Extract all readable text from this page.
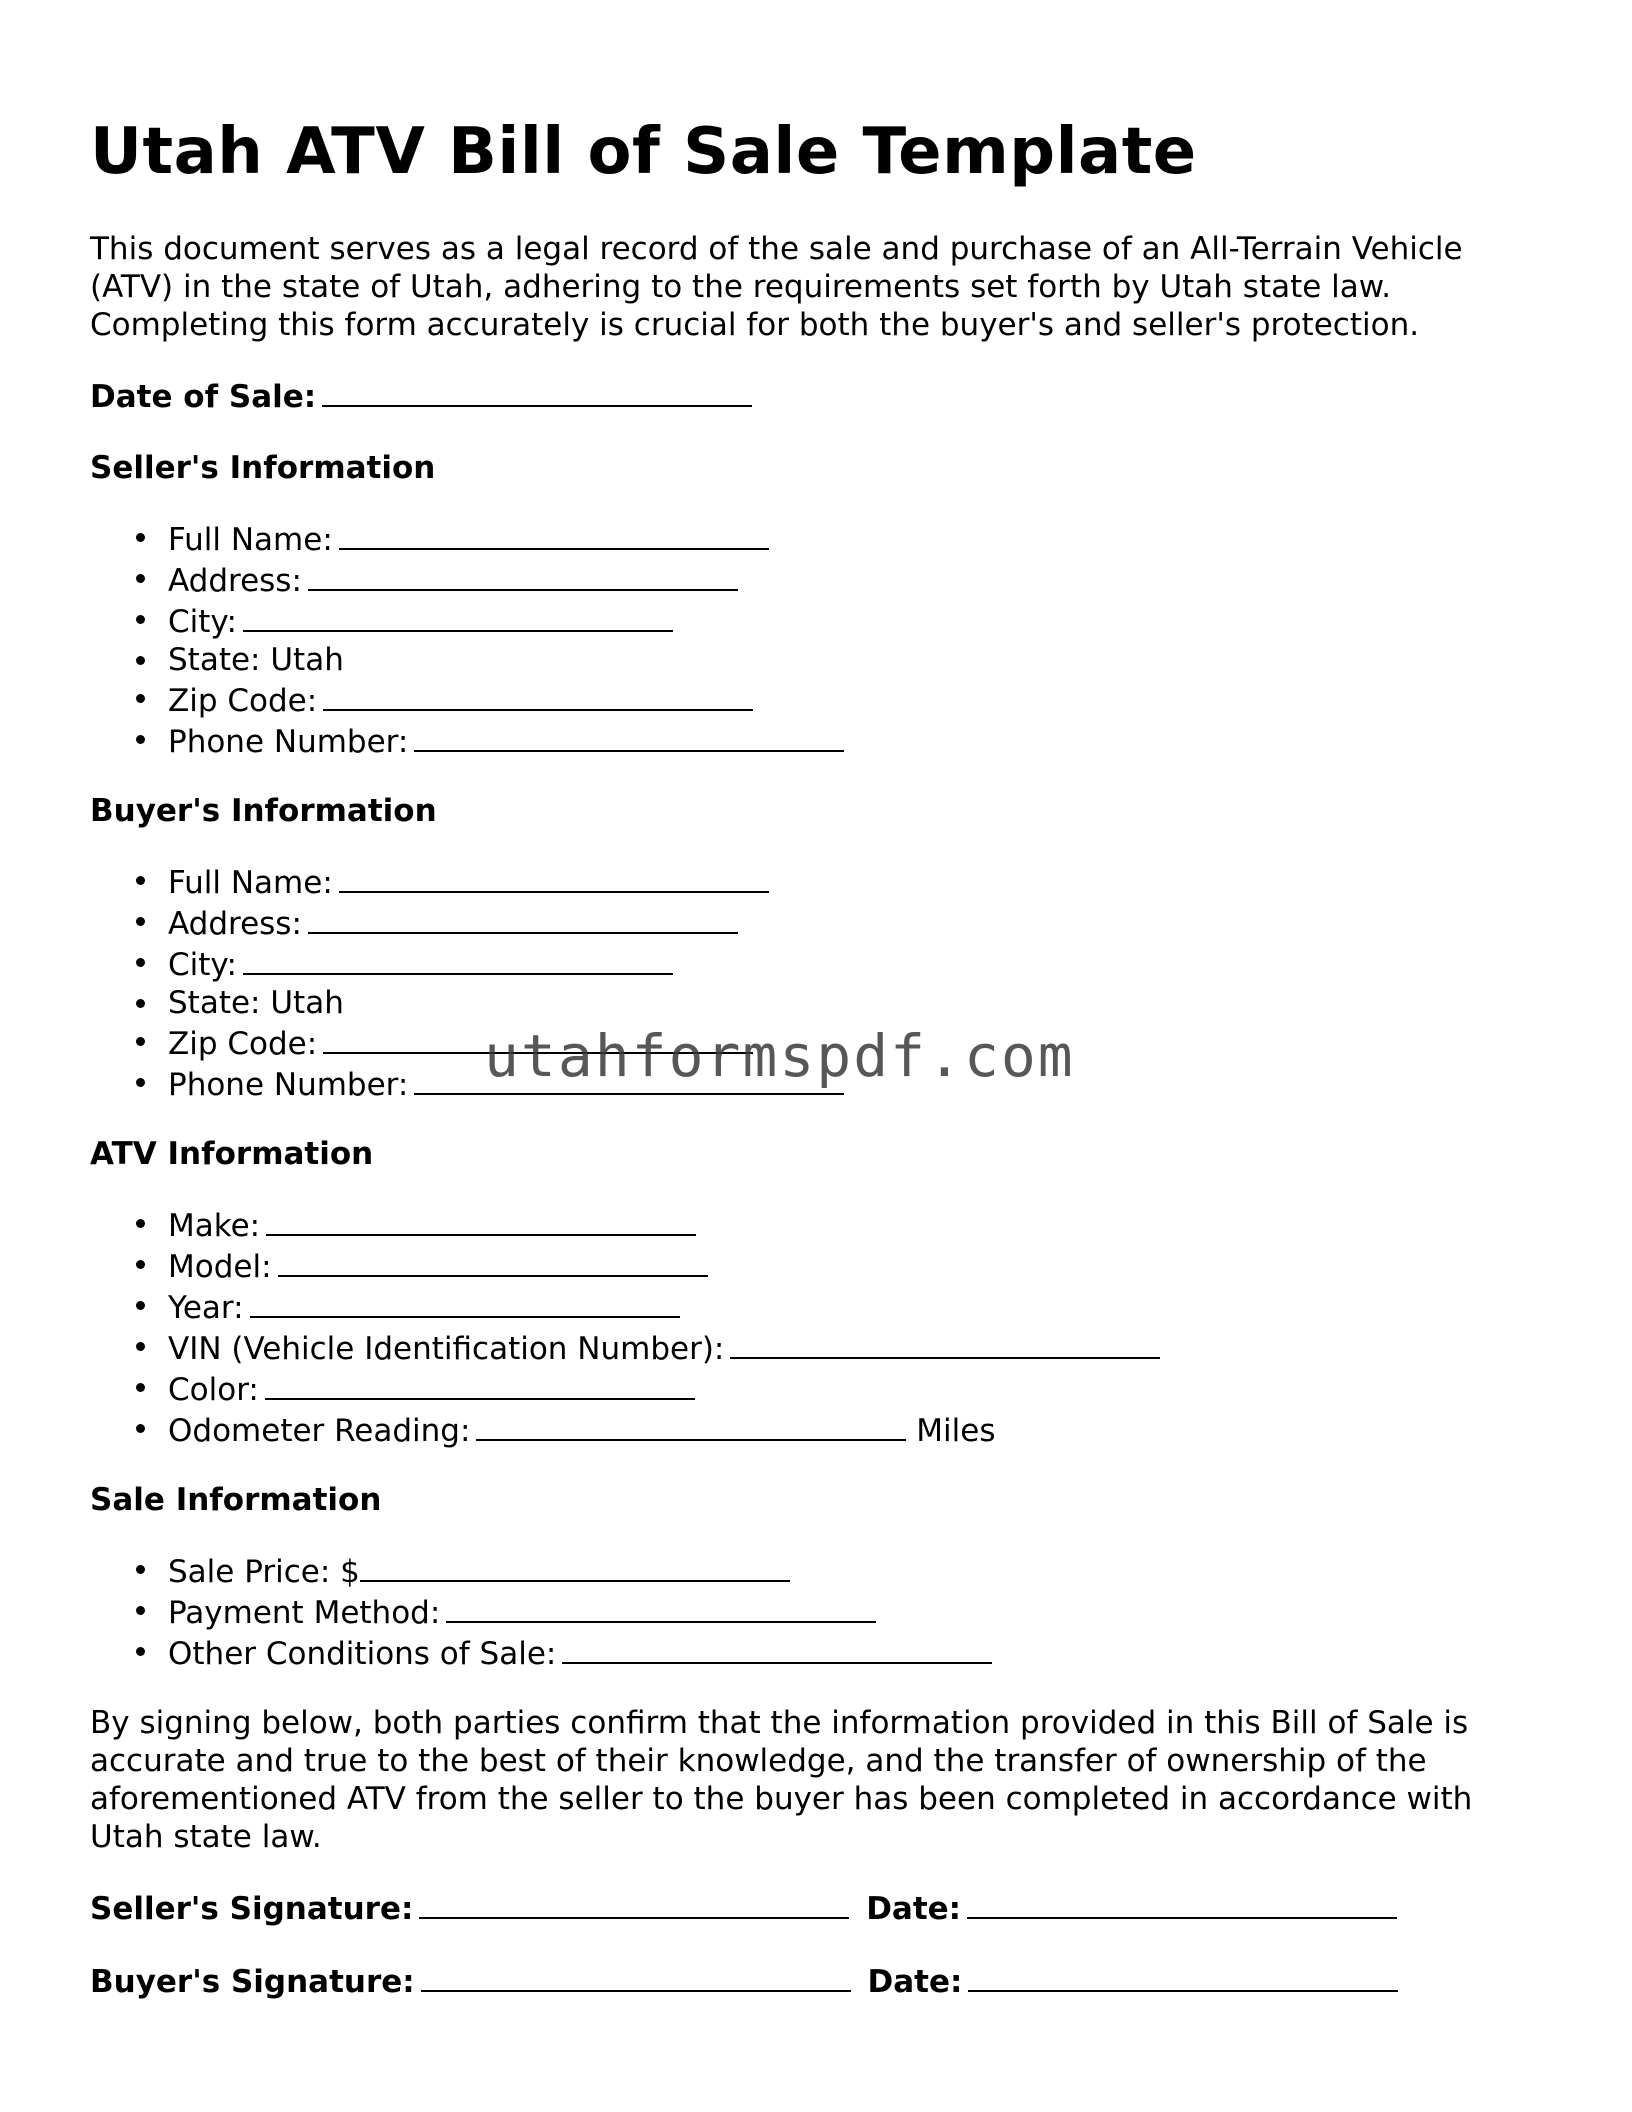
Utah ATV Bill of Sale Template

This document serves as a legal record of the sale and purchase of an All-Terrain Vehicle (ATV) in the state of Utah, adhering to the requirements set forth by Utah state law. Completing this form accurately is crucial for both the buyer's and seller's protection.

Date of Sale:
Seller's Information
Full Name:
Address:
City:
State: Utah
Zip Code:
Phone Number:
Buyer's Information
Full Name:
Address:
City:
State: Utah
Zip Code:
Phone Number:
ATV Information
Make:
Model:
Year:
VIN (Vehicle Identification Number):
Color:
Odometer Reading:	Miles
Sale Information
Sale Price: $
Payment Method:
Other Conditions of Sale:

By signing below, both parties confirm that the information provided in this Bill of Sale is accurate and true to the best of their knowledge, and the transfer of ownership of the aforementioned ATV from the seller to the buyer has been completed in accordance with Utah state law.

Seller's Signature:	Date:
Buyer's Signature:	Date:
utahformspdf.com
